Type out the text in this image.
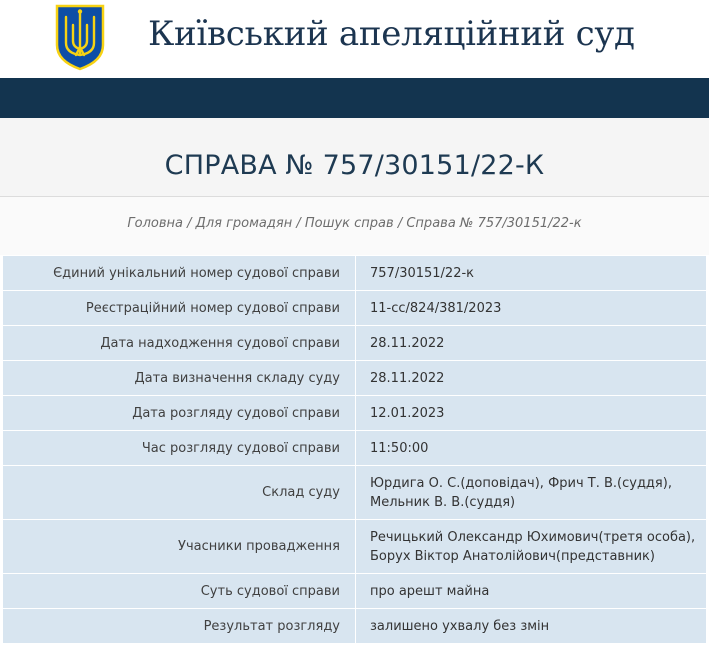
Київський апеляційний суд
СПРАВА № 757/30151/22-К
Головна / Для громадян / Пошук справ / Справа № 757/30151/22-к
Єдиний унікальний номер судової справи	757/30151/22-к
Реєстраційний номер судової справи	11-сс/824/381/2023
Дата надходження судової справи	28.11.2022
Дата визначення складу суду	28.11.2022
Дата розгляду судової справи	12.01.2023
Час розгляду судової справи	11:50:00
Склад суду	Юрдига О. С.(доповідач), Фрич Т. В.(суддя),
Мельник В. В.(суддя)
Учасники провадження	Речицький Олександр Юхимович(третя особа),
Борух Віктор Анатолійович(представник)
Суть судової справи	про арешт майна
Результат розгляду	залишено ухвалу без змін
